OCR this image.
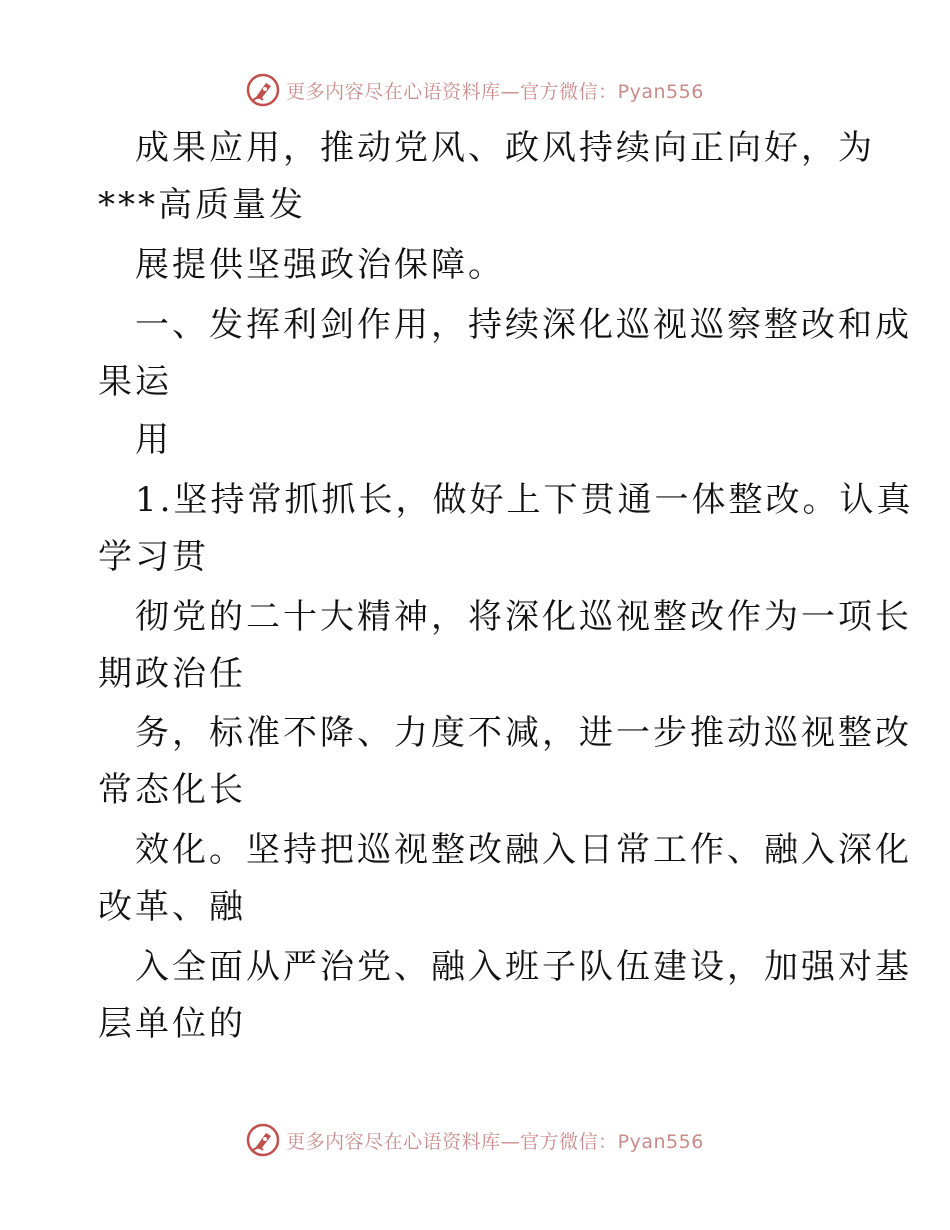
更多内容尽在心语资料库—官方微信：Pyan556
成果应用，推动党风、政风持续向正向好，为
***高质量发
展提供坚强政治保障。
一、发挥利剑作用，持续深化巡视巡察整改和成
果运
用
1.坚持常抓抓长，做好上下贯通一体整改。认真
学习贯
彻党的二十大精神，将深化巡视整改作为一项长
期政治任
务，标准不降、力度不减，进一步推动巡视整改
常态化长
效化。坚持把巡视整改融入日常工作、融入深化
改革、融
入全面从严治党、融入班子队伍建设，加强对基
层单位的
更多内容尽在心语资料库—官方微信：Pyan556
